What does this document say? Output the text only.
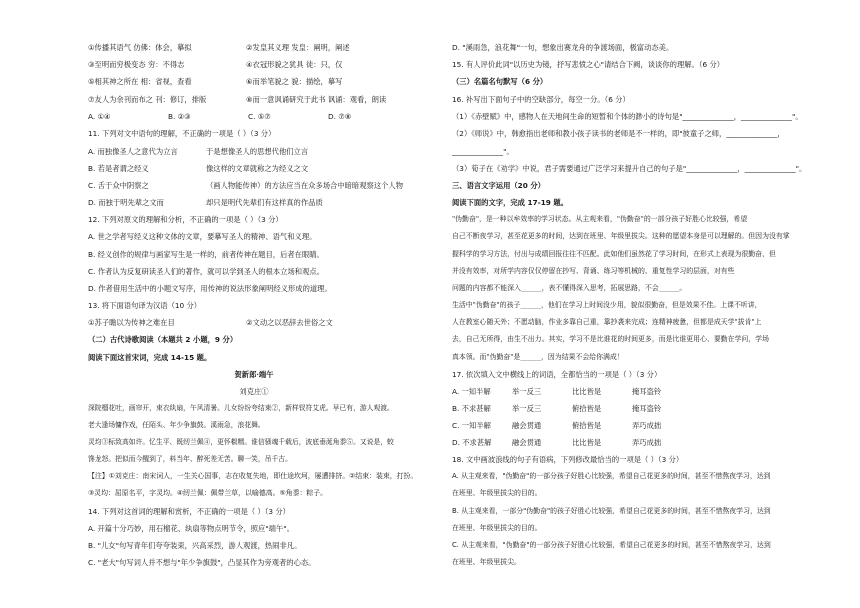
①传播其语气 仿佛：体会，摹拟	②发皇其义理 发皇：阐明，阐述
③至明而穷极变态 穷：不得志	④衣冠形貌之犹具 徒：只，仅
⑤相其神之所在 相：省视，查看	⑥而举笔貌之 貌：描绘，摹写
⑦友人为余刊而布之 刊：修订，排版	⑧而一意讽诵研究于此书 讽诵：观看，朗读
A. ①④	B. ②③	C. ⑤⑦	D. ⑦⑧
11. 下列对文中语句的理解，不正确的一项是（ ）（3 分）
A. 而独像圣人之意代为立言	于是想像圣人的思想代他们立言
B. 若是者谓之经义	像这样的文章就称之为经义之文
C. 舌于众中阴察之	（画人物能传神）的方法应当在众多场合中暗暗观察这个人物
D. 而独于明先辈之文而	却只是明代先辈们有这样真的作品质
12. 下列对原文的理解和分析，不正确的一项是（ ）（3 分）
A. 世之学者写经义这种文体的文章，要摹写圣人的精神、语气和义理。
B. 经义创作的规律与画家写生是一样的，前者传神在题目，后者在眼睛。
C. 作者认为反复研读圣人们的著作，就可以学到圣人的根本立场和观点。
D. 作者借用生活中的小题文写序，用传神的说法形象阐明经义形成的道理。
13. 将下面语句译为汉语（10 分）
①苏子瞻以为传神之难在目	②文动之以恶辞去世俗之文
（二）古代诗歌阅读（本题共 2 小题，9 分）
阅读下面这首宋词，完成 14-15 题。
贺新郎·端午
刘克庄①
深院榴花吐，画帘开，束衣纨扇，午风清暑。儿女纷纷夸结束②，新样钗符艾虎。早已有，游人观渡。
老大逢场慵作戏，任陌头、年少争旗鼓。溪雨急，浪花舞。
灵均③标致高如许。忆生平、既纫兰佩④，更怀椒糈。谁信骚魂千载后，波底垂涎角黍⑤。又说是，蛟
馋龙怒。把似而今醒到了，料当年、醉死差无苦。聊一笑，吊千古。
【注】①刘克庄：南宋词人，一生关心国事，志在收复失地，即仕途坎坷，屡遭排挤。②结束：装束，打扮。
③灵均：屈原名平，字灵均。④纫兰佩：佩带兰草，以喻德高。⑤角黍：粽子。
14. 下列对这首词的理解和赏析，不正确的一项是（ ）（3 分）
A. 开篇十分巧妙，用石榴花、纨扇等物点明节令，照应"端午"。
B. "儿女"句写青年们夸夸装束，兴高采烈，游人观渡，热闹非凡。
C. "老大"句写词人并不想与"年少争旗鼓"，凸显其作为旁观者的心态。
D. "溪雨急，浪花舞"一句，想象出赛龙舟的争渡场面，极富动态美。
15. 有人评价此词"以历史为镜，抒写悲愤之心"请结合下阙，谈谈你的理解。（6 分）
（三）名篇名句默写（6 分）
16. 补写出下面句子中的空缺部分，每空一分。（6 分）
（1）《赤壁赋》中，感物人在天地间生命的短暂和个体的渺小的诗句是"______________，______________"。
（2）《师说》中，韩愈指出老师和教小孩子读书的老师是不一样的，即"彼童子之师，______________，
______________"。
（3）荀子在《劝学》中说，君子需要通过广泛学习来提升自己的句子是"______________，______________"。
三、语言文字运用（20 分）
阅读下面的文字，完成 17-19 题。
"伪勤奋"，是一种以牟效率的学习状态。从主观来看，"伪勤奋"的一部分孩子好胜心比较强，希望
自己不断夜学习，甚至花更多的时间，达到在班里、年级里拔尖。这种的愿望本身是可以理解的。但因为没有掌
握科学的学习方法，付出与成绩回报往往不匹配。此如他们虽然花了学习时间，在形式上表现为很勤奋，但
并没有效率，对所学内容仅仅停留在抄写、背诵、练习等机械的、重复性学习的层面，对有些
问题的内容都不能深入______，表不懂得深入思考，拓展思路，不会______。
生活中"伪勤奋"的孩子______，他们在学习上时间没少用，貌似很勤奋，但是效果不佳。上课不听讲，
人在教室心随天外；不愿动脑，作业多靠自己重，靠抄袭来完成；连精神疲惫，但都是成天学"拔肯"上
去，自己无所得，由生不出力。其实，学习不是比谁花的时间更多，而是比谁更用心、要勤在学问，学场
真本领。而"伪勤奋"是______，因为结果不会给你满成！
17. 依次填入文中横线上的词语，全都恰当的一项是（ ）（3 分）
A. 一知半解	举一反三	比比皆是	掩耳盗铃
B. 不求甚解	举一反三	俯拾皆是	掩耳盗铃
C. 一知半解	融会贯通	俯拾皆是	弄巧成拙
D. 不求甚解	融会贯通	比比皆是	弄巧成拙
18. 文中画波浪线的句子有语病，下列修改最恰当的一项是（ ）（3 分）
A. 从主观来看，"伪勤奋"的一部分孩子好胜心比较强，希望自己花更多的时间，甚至不惜熬夜学习，达到
在班里、年级里拔尖的目的。
B. 从主观来看，一部分"伪勤奋"的孩子好胜心比较强，希望自己花更多的时间，甚至不惜熬夜学习，达到
在班里、年级里拔尖的目的。
C. 从主观来看，"伪勤奋"的一部分孩子好胜心比较强，希望自己花更多的时间，甚至不惜熬夜学习，达到
在班里、年级里拔尖。
